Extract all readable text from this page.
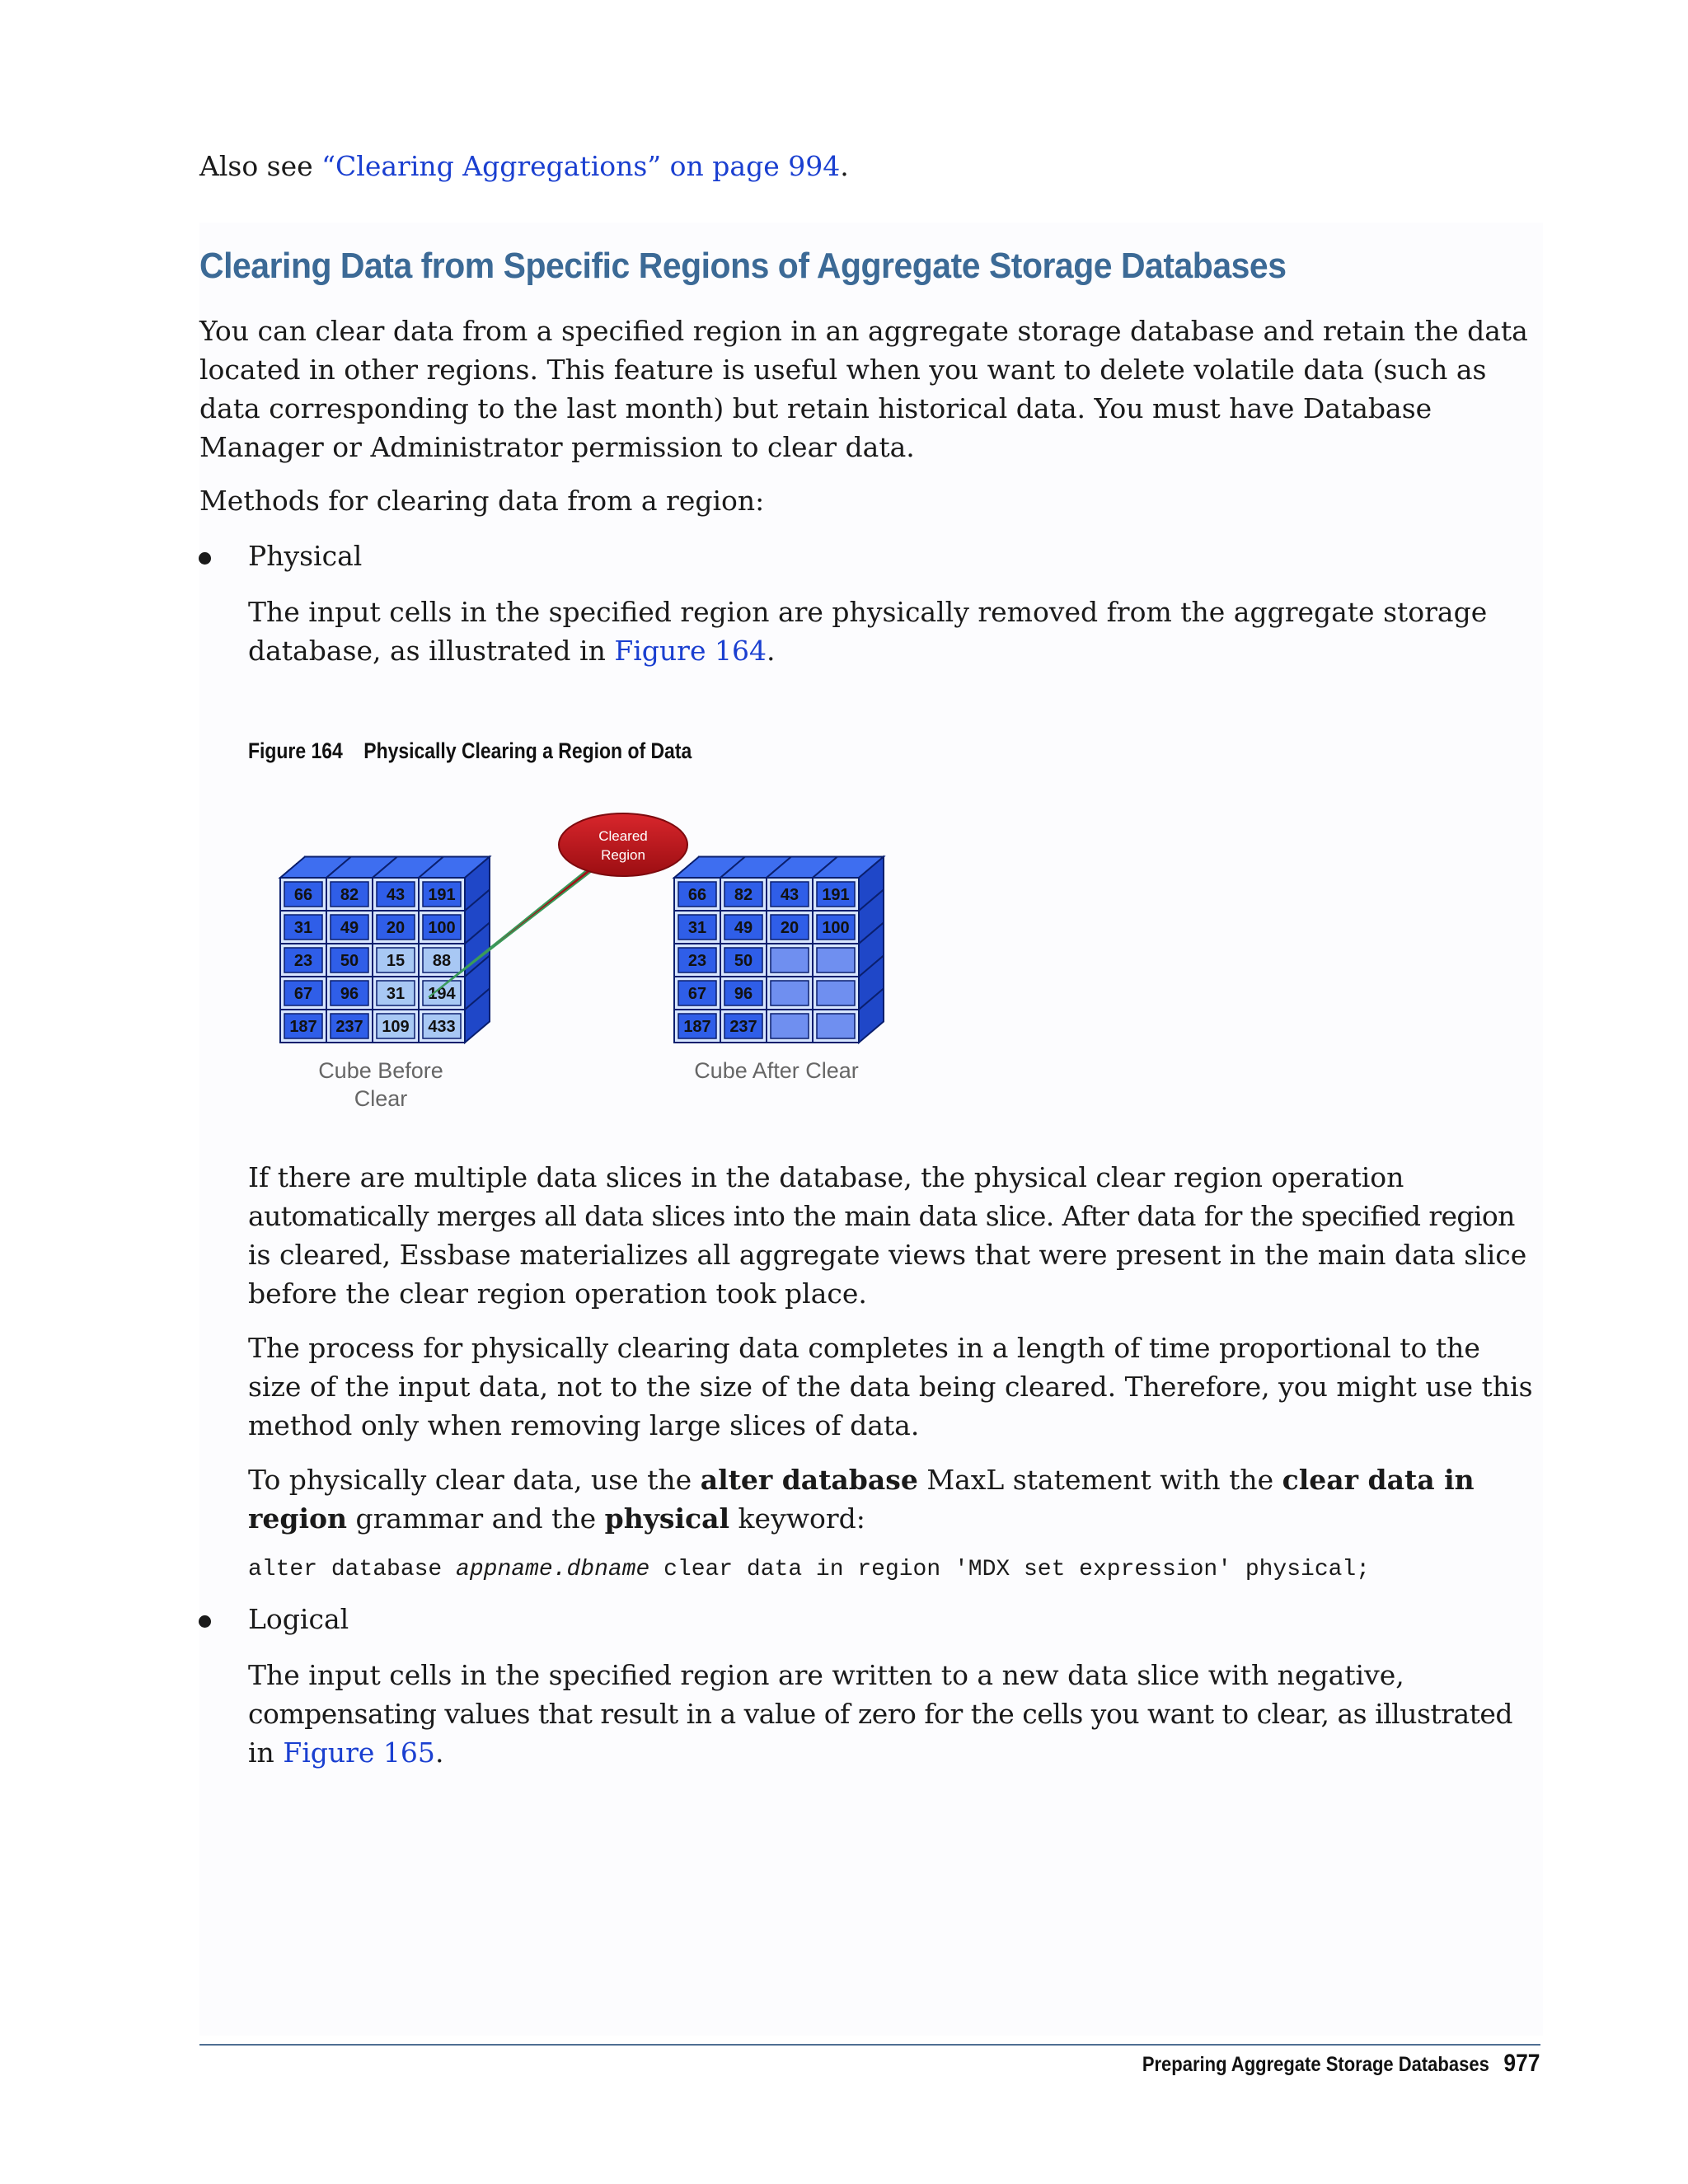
Also see “Clearing Aggregations” on page 994.
Clearing Data from Specific Regions of Aggregate Storage Databases
You can clear data from a specified region in an aggregate storage database and retain the data
located in other regions. This feature is useful when you want to delete volatile data (such as
data corresponding to the last month) but retain historical data. You must have Database
Manager or Administrator permission to clear data.
Methods for clearing data from a region:
Physical
The input cells in the specified region are physically removed from the aggregate storage
database, as illustrated in Figure 164.
Figure 164 Physically Clearing a Region of Data
66 82 43 191
31 49 20 100
23 50 15 88
67 96 31 194
187 237 109 433
66 82 43 191
31 49 20 100
23 50
67 96
187 237
Cleared
Region
Cube Before
Clear
Cube After Clear
If there are multiple data slices in the database, the physical clear region operation
automatically merges all data slices into the main data slice. After data for the specified region
is cleared, Essbase materializes all aggregate views that were present in the main data slice
before the clear region operation took place.
The process for physically clearing data completes in a length of time proportional to the
size of the input data, not to the size of the data being cleared. Therefore, you might use this
method only when removing large slices of data.
To physically clear data, use the alter database MaxL statement with the clear data in
region grammar and the physical keyword:
alter database appname.dbname clear data in region 'MDX set expression' physical;
Logical
The input cells in the specified region are written to a new data slice with negative,
compensating values that result in a value of zero for the cells you want to clear, as illustrated
in Figure 165.
Preparing Aggregate Storage Databases 977
